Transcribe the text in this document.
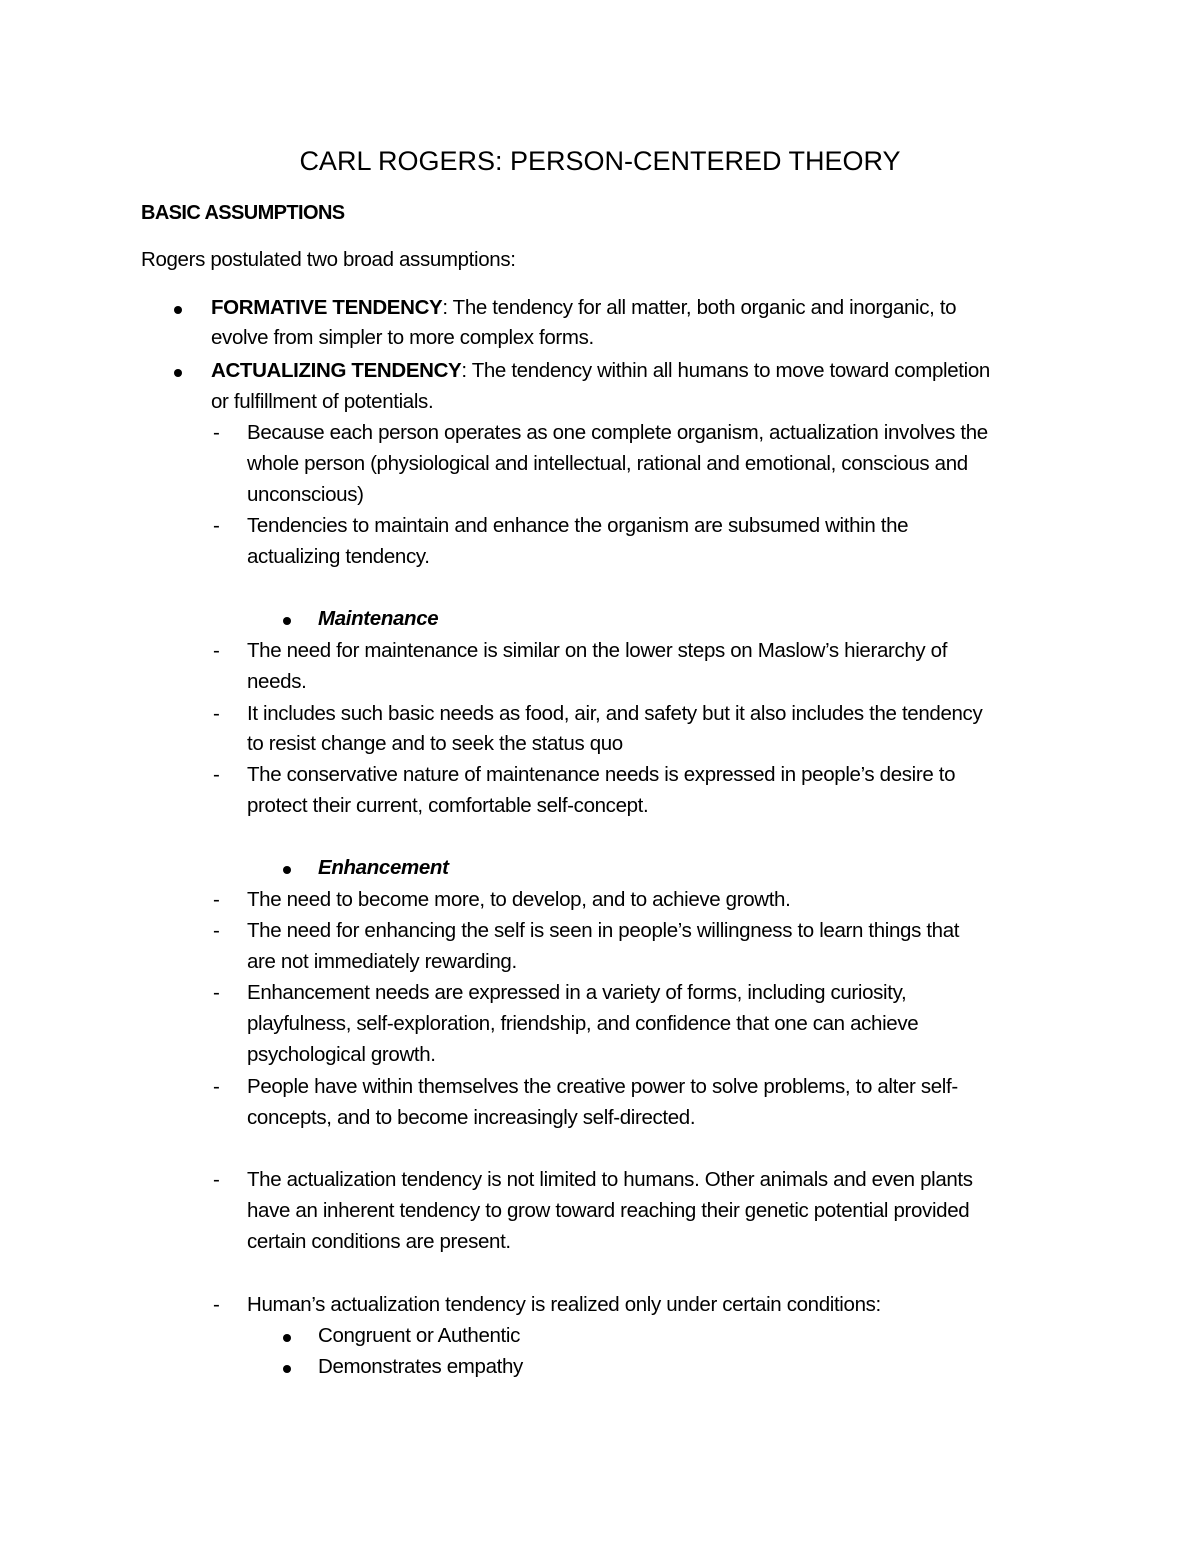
CARL ROGERS: PERSON-CENTERED THEORY
BASIC ASSUMPTIONS
Rogers postulated two broad assumptions:
FORMATIVE TENDENCY: The tendency for all matter, both organic and inorganic, to
evolve from simpler to more complex forms.
ACTUALIZING TENDENCY: The tendency within all humans to move toward completion
or fulfillment of potentials.
- Because each person operates as one complete organism, actualization involves the
whole person (physiological and intellectual, rational and emotional, conscious and
unconscious)
- Tendencies to maintain and enhance the organism are subsumed within the
actualizing tendency.
Maintenance
- The need for maintenance is similar on the lower steps on Maslow’s hierarchy of
needs.
- It includes such basic needs as food, air, and safety but it also includes the tendency
to resist change and to seek the status quo
- The conservative nature of maintenance needs is expressed in people’s desire to
protect their current, comfortable self-concept.
Enhancement
- The need to become more, to develop, and to achieve growth.
- The need for enhancing the self is seen in people’s willingness to learn things that
are not immediately rewarding.
- Enhancement needs are expressed in a variety of forms, including curiosity,
playfulness, self-exploration, friendship, and confidence that one can achieve
psychological growth.
- People have within themselves the creative power to solve problems, to alter self-
concepts, and to become increasingly self-directed.
- The actualization tendency is not limited to humans. Other animals and even plants
have an inherent tendency to grow toward reaching their genetic potential provided
certain conditions are present.
- Human’s actualization tendency is realized only under certain conditions:
Congruent or Authentic
Demonstrates empathy
